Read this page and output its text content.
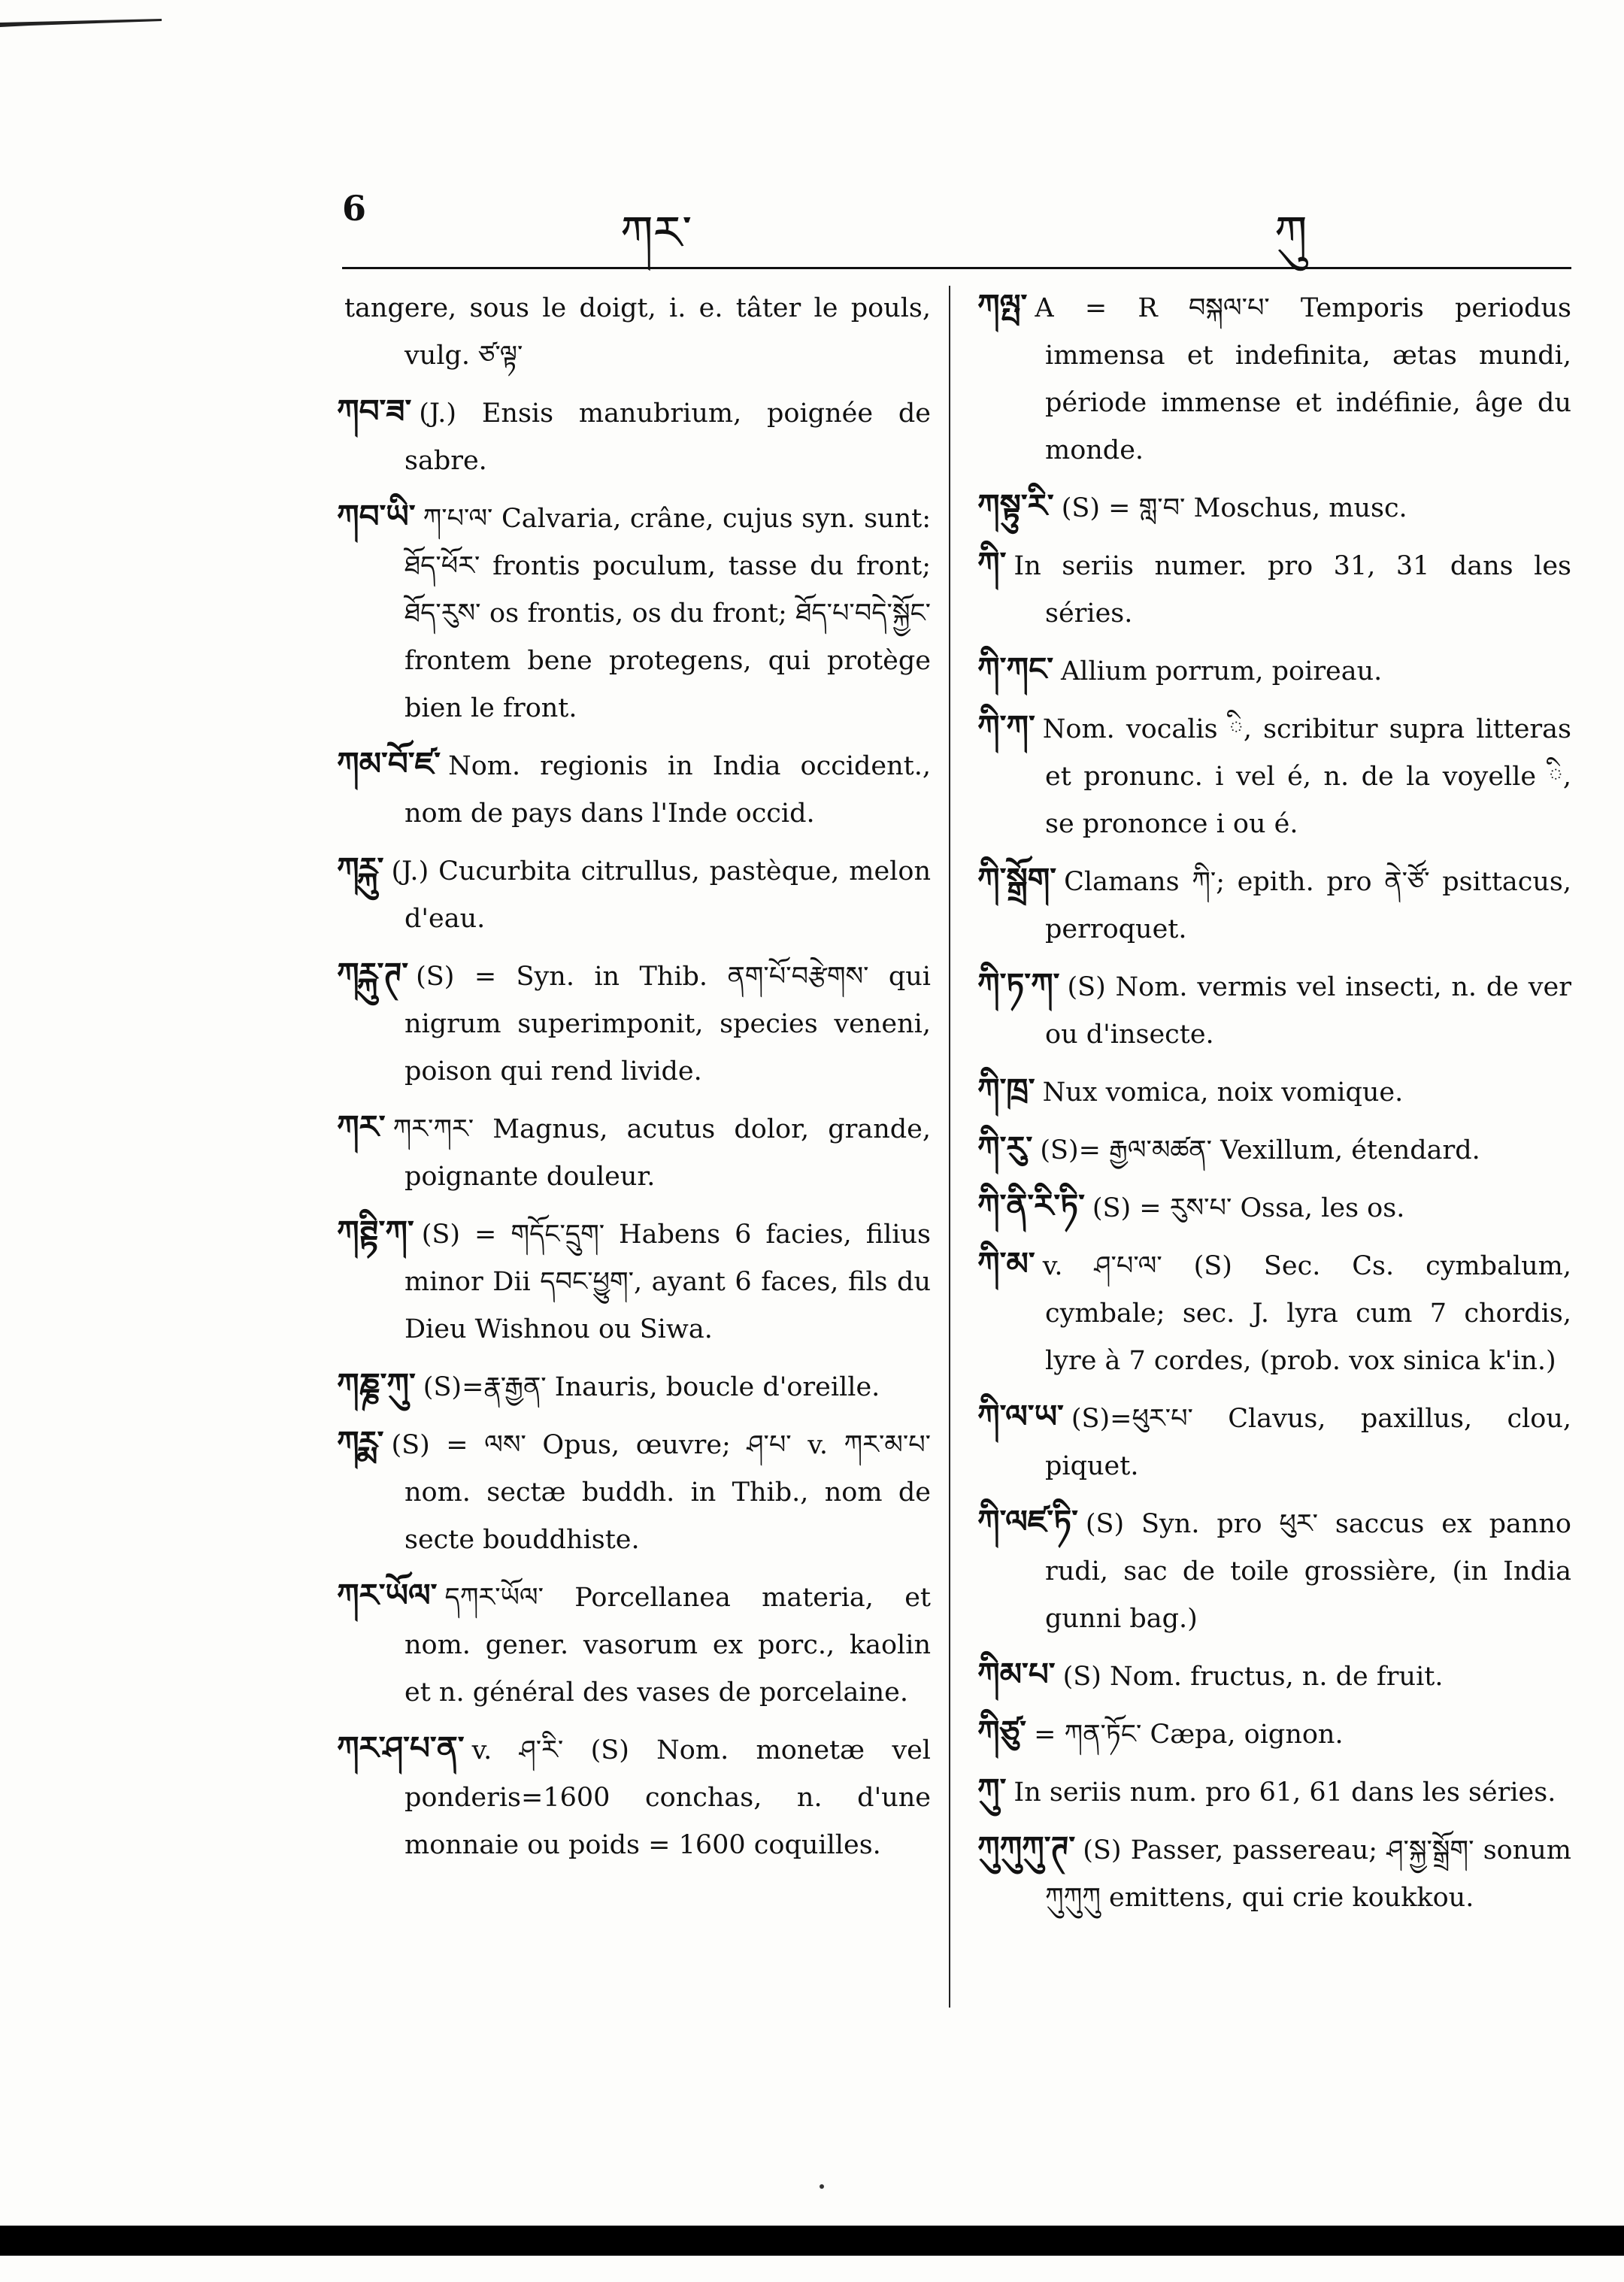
6	ཀར་	ཀུ

tangere, sous le doigt, i. e. tâter le pouls, vulg. ཙ་ལྟ་

ཀབ་ཟ་ (J.) Ensis manubrium, poignée de sabre.

ཀབ་ཡི་ ཀ་པ་ལ་ Calvaria, crâne, cujus syn. sunt: ཐོད་ཕོར་ frontis poculum, tasse du front; ཐོད་རུས་ os frontis, os du front; ཐོད་པ་བདེ་སྐྱོང་ frontem bene protegens, qui protège bien le front.

ཀམ་བོ་ཛ་ Nom. regionis in India occident., nom de pays dans l'Inde occid.

ཀཪྐུ་ (J.) Cucurbita citrullus, pastèque, melon d'eau.

ཀཪྐུ་ཊ་ (S) = Syn. in Thib. ནག་པོ་བརྩེགས་ qui nigrum superimponit, species veneni, poison qui rend livide.

ཀར་ ཀར་ཀར་ Magnus, acutus dolor, grande, poignante douleur.

ཀཊྟི་ཀ་ (S) = གདོང་དྲུག་ Habens 6 facies, filius minor Dii དབང་ཕྱུག་, ayant 6 faces, fils du Dieu Wishnou ou Siwa.

ཀཎྞ་ཀུ་ (S)=རྣ་རྒྱན་ Inauris, boucle d'oreille.

ཀཪྨ་ (S) = ལས་ Opus, œuvre; ཤ་པ་ v. ཀར་མ་པ་ nom. sectæ buddh. in Thib., nom de secte bouddhiste.

ཀར་ཡོལ་ དཀར་ཡོལ་ Porcellanea materia, et nom. gener. vasorum ex porc., kaolin et n. général des vases de porcelaine.

ཀར་ཤ་པ་ན་ v. ཤ་རི་ (S) Nom. monetæ vel ponderis=1600 conchas, n. d'une monnaie ou poids = 1600 coquilles.

ཀལྤ་ A = R བསྐལ་པ་ Temporis periodus immensa et indefinita, ætas mundi, période immense et indéfinie, âge du monde.

ཀསྟུ་རི་ (S) = གླ་བ་ Moschus, musc.

ཀི་ In seriis numer. pro 31, 31 dans les séries.

ཀི་ཀང་ Allium porrum, poireau.

ཀི་ཀ་ Nom. vocalis ི, scribitur supra litteras et pronunc. i vel é, n. de la voyelle ི, se prononce i ou é.

ཀི་སྒྲོག་ Clamans ཀི་; epith. pro ནེ་ཙོ་ psittacus, perroquet.

ཀི་ཏ་ཀ་ (S) Nom. vermis vel insecti, n. de ver ou d'insecte.

ཀི་ཁྲ་ Nux vomica, noix vomique.

ཀི་རུ་ (S)= རྒྱལ་མཚན་ Vexillum, étendard.

ཀི་ནི་རི་ཏི་ (S) = རུས་པ་ Ossa, les os.

ཀི་མ་ v. ཤ་པ་ལ་ (S) Sec. Cs. cymbalum, cymbale; sec. J. lyra cum 7 chordis, lyre à 7 cordes, (prob. vox sinica k'in.)

ཀི་ལ་ཡ་ (S)=ཕུར་པ་ Clavus, paxillus, clou, piquet.

ཀི་ལཛ་ཏི་ (S) Syn. pro ཕུར་ saccus ex panno rudi, sac de toile grossière, (in India gunni bag.)

ཀིམ་པ་ (S) Nom. fructus, n. de fruit.

ཀིཙུ་ = ཀན་ཏོང་ Cæpa, oignon.

ཀུ་ In seriis num. pro 61, 61 dans les séries.

ཀུཀུཀུ་ཊ་ (S) Passer, passereau; ཤ་སྐྱ་སྒྲོག་ sonum ཀུཀུཀུ emittens, qui crie koukkou.
